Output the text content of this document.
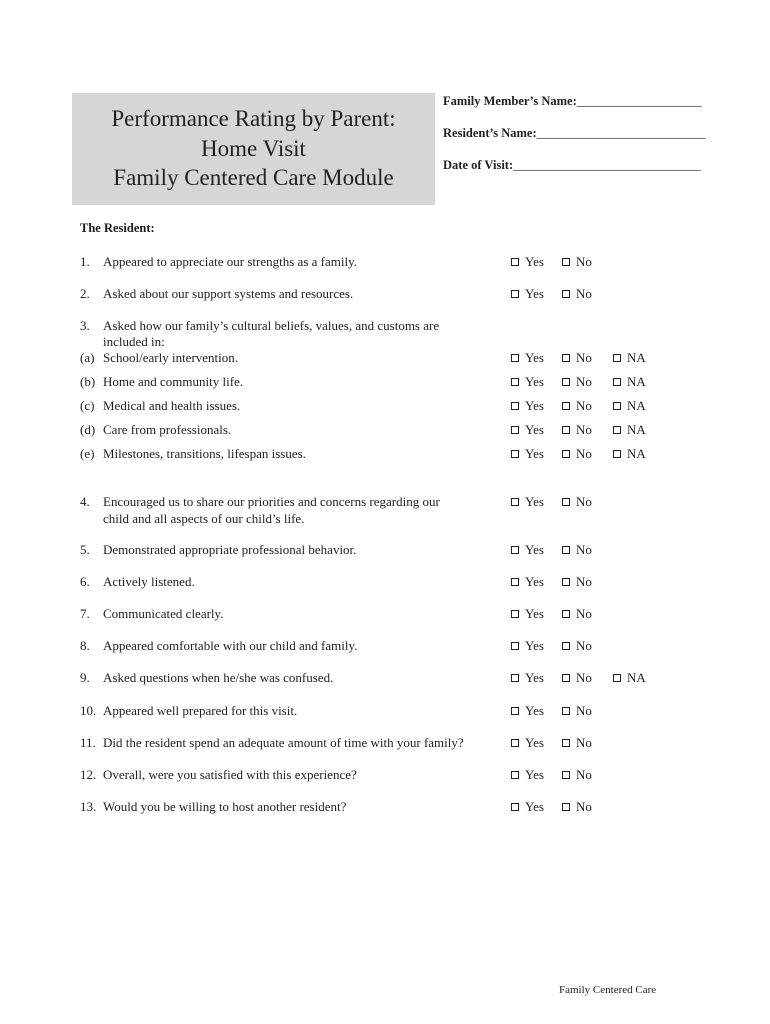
Performance Rating by Parent:
Home Visit
Family Centered Care Module
Family Member’s Name:____________________
Resident’s Name:___________________________
Date of Visit:______________________________
The Resident:
1. Appeared to appreciate our strengths as a family.	Yes No
2. Asked about our support systems and resources.	Yes No
3. Asked how our family’s cultural beliefs, values, and customs are
included in:
(a) School/early intervention.	Yes No	NA
(b) Home and community life.	Yes No	NA
(c) Medical and health issues.	Yes No	NA
(d) Care from professionals.	Yes No	NA
(e) Milestones, transitions, lifespan issues.	Yes No	NA
4. Encouraged us to share our priorities and concerns regarding our
child and all aspects of our child’s life.
Yes No
5. Demonstrated appropriate professional behavior.	Yes No
6. Actively listened.	Yes No
7. Communicated clearly.	Yes No
8. Appeared comfortable with our child and family.	Yes No
9. Asked questions when he/she was confused.	Yes No	NA
10. Appeared well prepared for this visit.	Yes No
11. Did the resident spend an adequate amount of time with your family?	Yes No
12. Overall, were you satisfied with this experience?	Yes No
13. Would you be willing to host another resident?	Yes No
Family Centered Care
